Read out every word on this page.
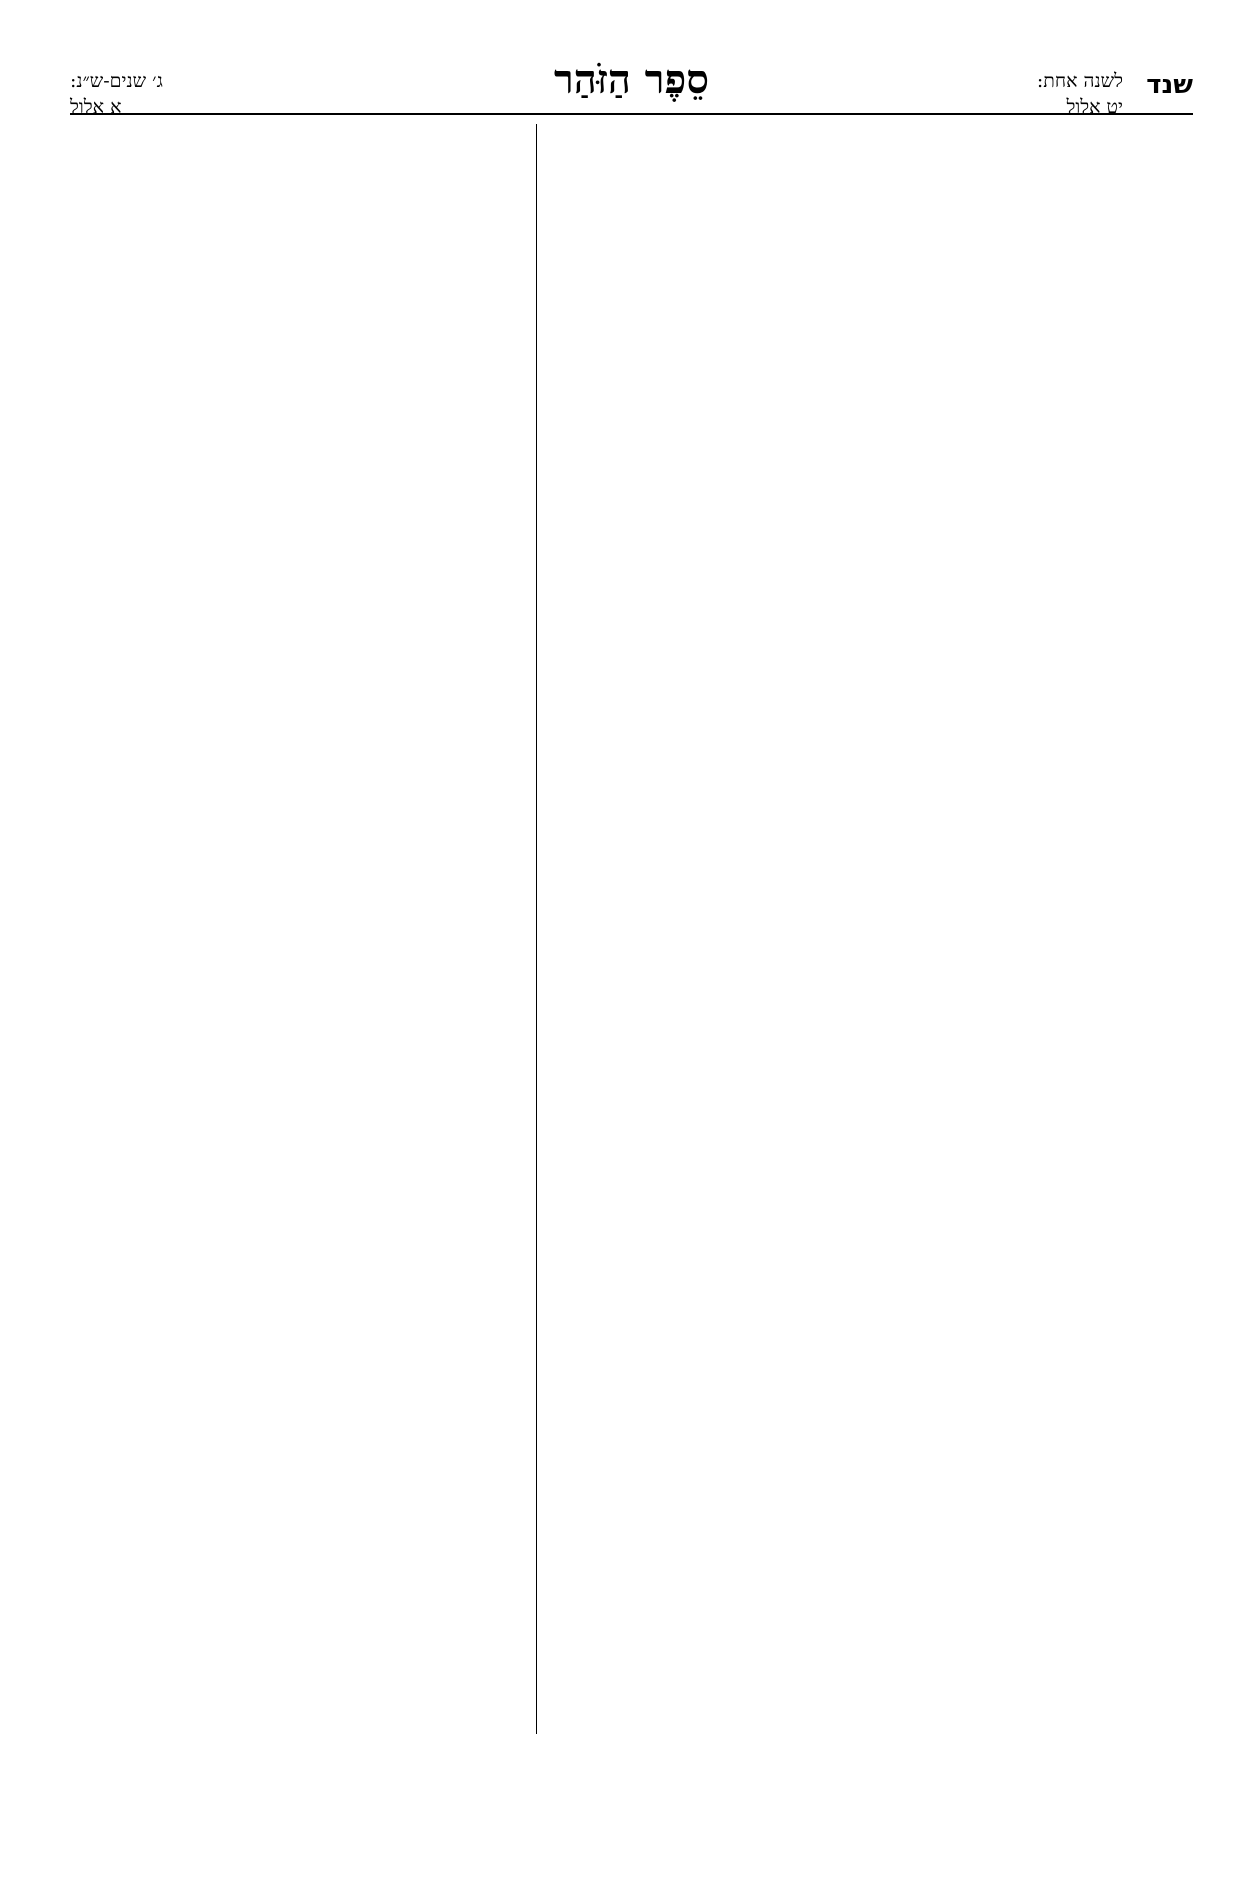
שנד
לשנה אחת:
יט אלול
סֵפֶר הַזֹּהַר
ג׳ שנים-ש״נ:
א אלול
